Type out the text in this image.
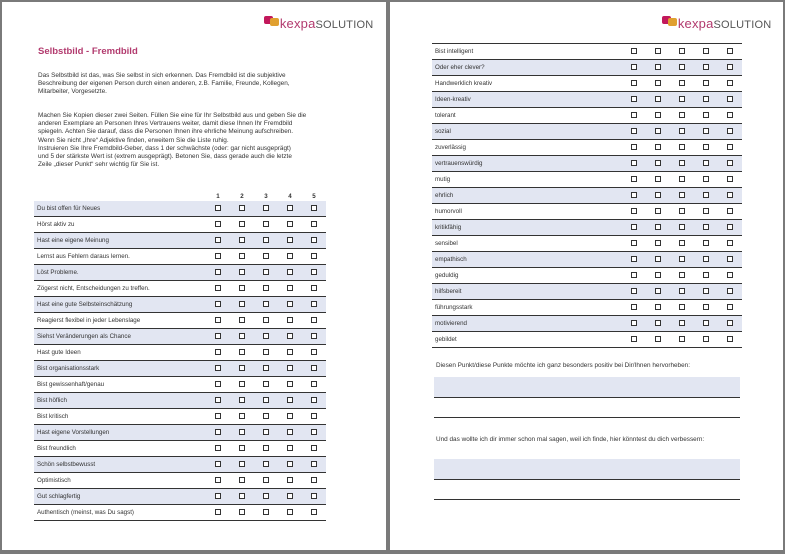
kexpaSOLUTION
Selbstbild - Fremdbild

Das Selbstbild ist das, was Sie selbst in sich erkennen. Das Fremdbild ist die subjektive
Beschreibung der eigenen Person durch einen anderen, z.B. Familie, Freunde, Kollegen,
Mitarbeiter, Vorgesetzte.

Machen Sie Kopien dieser zwei Seiten. Füllen Sie eine für Ihr Selbstbild aus und geben Sie die
anderen Exemplare an Personen Ihres Vertrauens weiter, damit diese Ihnen Ihr Fremdbild
spiegeln. Achten Sie darauf, dass die Personen Ihnen ihre ehrliche Meinung aufschreiben.
Wenn Sie nicht „Ihre“ Adjektive finden, erweitern Sie die Liste ruhig.
Instruieren Sie Ihre Fremdbild-Geber, dass 1 der schwächste (oder: gar nicht ausgeprägt)
und 5 der stärkste Wert ist (extrem ausgeprägt). Betonen Sie, dass gerade auch die letzte
Zeile „dieser Punkt“ sehr wichtig für Sie ist.

	1	2	3	4	5
Du bist offen für Neues					
Hörst aktiv zu					
Hast eine eigene Meinung					
Lernst aus Fehlern daraus lernen.					
Löst Probleme.					
Zögerst nicht, Entscheidungen zu treffen.					
Hast eine gute Selbsteinschätzung					
Reagierst flexibel in jeder Lebenslage					
Siehst Veränderungen als Chance					
Hast gute Ideen					
Bist organisationsstark					
Bist gewissenhaft/genau					
Bist höflich					
Bist kritisch					
Hast eigene Vorstellungen					
Bist freundlich					
Schön selbstbewusst					
Optimistisch					
Gut schlagfertig					
Authentisch (meinst, was Du sagst)					
kexpaSOLUTION
Bist intelligent					
Oder eher clever?					
Handwerklich kreativ					
Ideen-kreativ					
tolerant					
sozial					
zuverlässig					
vertrauenswürdig					
mutig					
ehrlich					
humorvoll					
kritikfähig					
sensibel					
empathisch					
geduldig					
hilfsbereit					
führungsstark					
motivierend					
gebildet					
Diesen Punkt/diese Punkte möchte ich ganz besonders positiv bei Dir/Ihnen hervorheben:
Und das wollte ich dir immer schon mal sagen, weil ich finde, hier könntest du dich verbessern:
